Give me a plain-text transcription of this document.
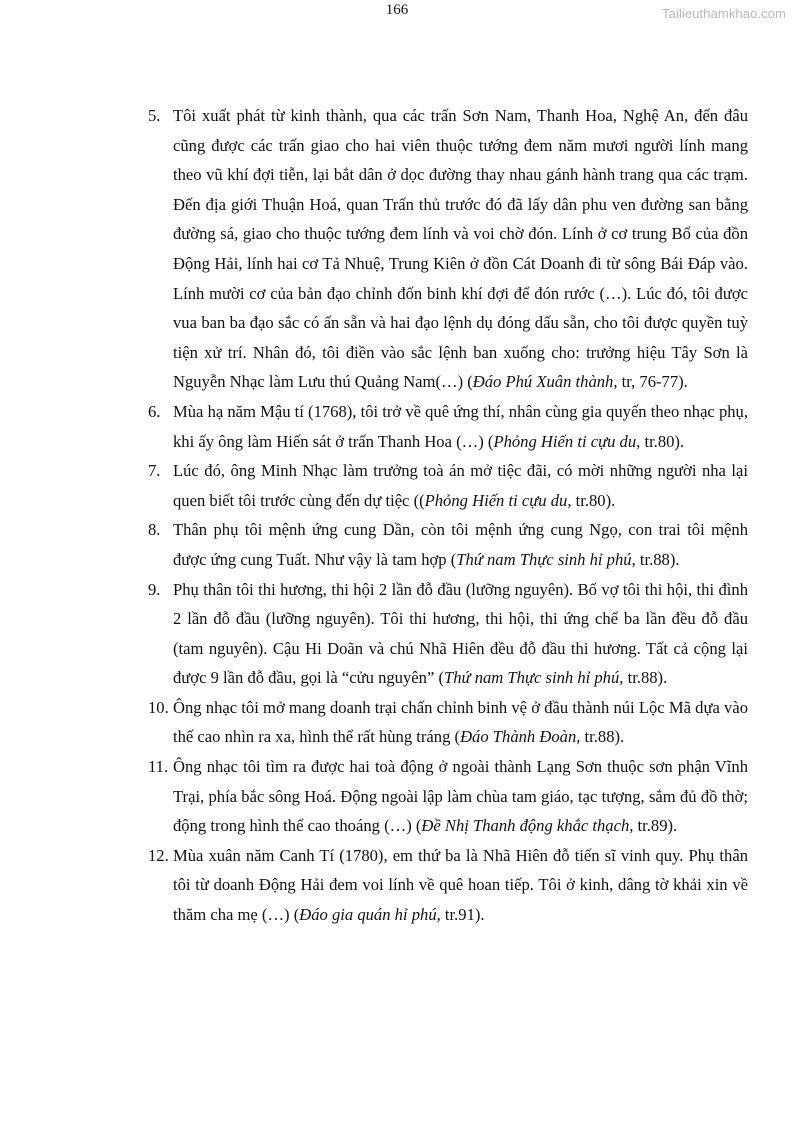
166	Tailieuthamkhao.com
5. Tôi xuất phát từ kinh thành, qua các trấn Sơn Nam, Thanh Hoa, Nghệ An, đến đâu cũng được các trấn giao cho hai viên thuộc tướng đem năm mươi người lính mang theo vũ khí đợi tiễn, lại bắt dân ở dọc đường thay nhau gánh hành trang qua các trạm. Đến địa giới Thuận Hoá, quan Trấn thủ trước đó đã lấy dân phu ven đường san bằng đường sá, giao cho thuộc tướng đem lính và voi chờ đón. Lính ở cơ trung Bổ của đồn Động Hải, lính hai cơ Tả Nhuệ, Trung Kiên ở đồn Cát Doanh đi từ sông Bái Đáp vào. Lính mười cơ của bản đạo chỉnh đốn binh khí đợi để đón rước (…). Lúc đó, tôi được vua ban ba đạo sắc có ấn sẵn và hai đạo lệnh dụ đóng dấu sẵn, cho tôi được quyền tuỳ tiện xử trí. Nhân đó, tôi điền vào sắc lệnh ban xuống cho: trưởng hiệu Tây Sơn là Nguyễn Nhạc làm Lưu thú Quảng Nam(…) (Đáo Phú Xuân thành, tr, 76-77).
6. Mùa hạ năm Mậu tí (1768), tôi trở về quê ứng thí, nhân cùng gia quyến theo nhạc phụ, khi ấy ông làm Hiến sát ở trấn Thanh Hoa (…) (Phỏng Hiến ti cựu du, tr.80).
7. Lúc đó, ông Minh Nhạc làm trưởng toà án mở tiệc đãi, có mời những người nha lại quen biết tôi trước cùng đến dự tiệc ((Phỏng Hiến ti cựu du, tr.80).
8. Thân phụ tôi mệnh ứng cung Dần, còn tôi mệnh ứng cung Ngọ, con trai tôi mệnh được ứng cung Tuất. Như vậy là tam hợp (Thứ nam Thực sinh hỉ phú, tr.88).
9. Phụ thân tôi thi hương, thi hội 2 lần đỗ đầu (lưỡng nguyên). Bố vợ tôi thi hội, thi đình 2 lần đỗ đầu (lưỡng nguyên). Tôi thi hương, thi hội, thi ứng chế ba lần đều đỗ đầu (tam nguyên). Cậu Hi Doãn và chú Nhã Hiên đều đỗ đầu thi hương. Tất cả cộng lại được 9 lần đỗ đầu, gọi là “cửu nguyên” (Thứ nam Thực sinh hỉ phú, tr.88).
10. Ông nhạc tôi mở mang doanh trại chấn chỉnh binh vệ ở đầu thành núi Lộc Mã dựa vào thế cao nhìn ra xa, hình thể rất hùng tráng (Đáo Thành Đoàn, tr.88).
11. Ông nhạc tôi tìm ra được hai toà động ở ngoài thành Lạng Sơn thuộc sơn phận Vĩnh Trại, phía bắc sông Hoá. Động ngoài lập làm chùa tam giáo, tạc tượng, sắm đủ đồ thờ; động trong hình thể cao thoáng (…) (Đề Nhị Thanh động khắc thạch, tr.89).
12. Mùa xuân năm Canh Tí (1780), em thứ ba là Nhã Hiên đỗ tiến sĩ vinh quy. Phụ thân tôi từ doanh Động Hải đem voi lính về quê hoan tiếp. Tôi ở kinh, dâng tờ khải xin về thăm cha mẹ (…) (Đáo gia quán hỉ phú, tr.91).
